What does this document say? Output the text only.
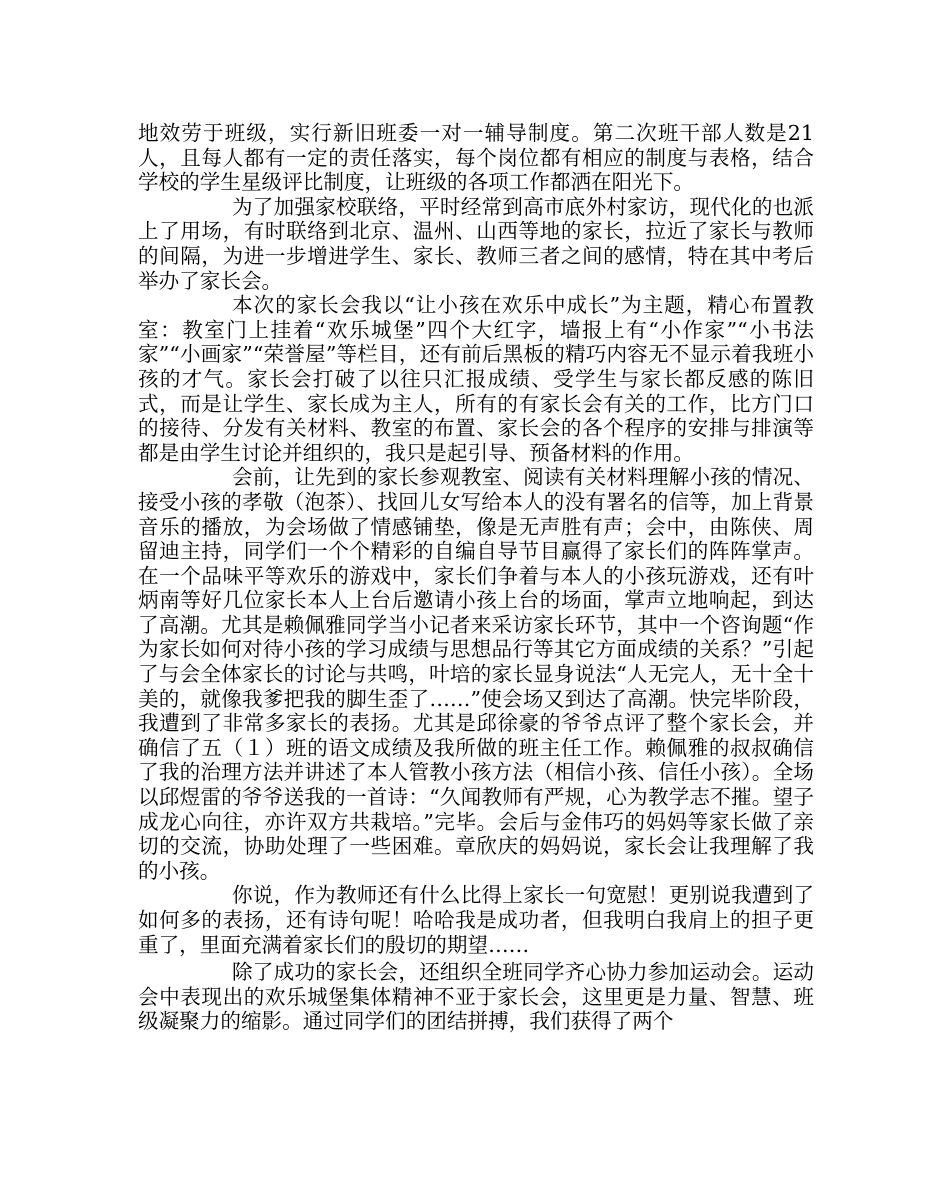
地效劳于班级，实行新旧班委一对一辅导制度。第二次班干部人数是21人，且每人都有一定的责任落实，每个岗位都有相应的制度与表格，结合学校的学生星级评比制度，让班级的各项工作都洒在阳光下。

为了加强家校联络，平时经常到高市底外村家访，现代化的也派上了用场，有时联络到北京、温州、山西等地的家长，拉近了家长与教师的间隔，为进一步增进学生、家长、教师三者之间的感情，特在其中考后举办了家长会。

本次的家长会我以“让小孩在欢乐中成长”为主题，精心布置教室：教室门上挂着“欢乐城堡”四个大红字，墙报上有“小作家”“小书法家”“小画家”“荣誉屋”等栏目，还有前后黑板的精巧内容无不显示着我班小孩的才气。家长会打破了以往只汇报成绩、受学生与家长都反感的陈旧式，而是让学生、家长成为主人，所有的有家长会有关的工作，比方门口的接待、分发有关材料、教室的布置、家长会的各个程序的安排与排演等都是由学生讨论并组织的，我只是起引导、预备材料的作用。

会前，让先到的家长参观教室、阅读有关材料理解小孩的情况、接受小孩的孝敬（泡茶）、找回儿女写给本人的没有署名的信等，加上背景音乐的播放，为会场做了情感铺垫，像是无声胜有声；会中，由陈侠、周留迪主持，同学们一个个精彩的自编自导节目赢得了家长们的阵阵掌声。在一个品味平等欢乐的游戏中，家长们争着与本人的小孩玩游戏，还有叶炳南等好几位家长本人上台后邀请小孩上台的场面，掌声立地响起，到达了高潮。尤其是赖佩雅同学当小记者来采访家长环节，其中一个咨询题“作为家长如何对待小孩的学习成绩与思想品行等其它方面成绩的关系？”引起了与会全体家长的讨论与共鸣，叶培的家长显身说法“人无完人，无十全十美的，就像我爹把我的脚生歪了……”使会场又到达了高潮。快完毕阶段，我遭到了非常多家长的表扬。尤其是邱徐豪的爷爷点评了整个家长会，并确信了五（１）班的语文成绩及我所做的班主任工作。赖佩雅的叔叔确信了我的治理方法并讲述了本人管教小孩方法（相信小孩、信任小孩）。全场以邱煜雷的爷爷送我的一首诗：“久闻教师有严规，心为教学志不摧。望子成龙心向往，亦许双方共栽培。”完毕。会后与金伟巧的妈妈等家长做了亲切的交流，协助处理了一些困难。章欣庆的妈妈说，家长会让我理解了我的小孩。

你说，作为教师还有什么比得上家长一句宽慰！更别说我遭到了如何多的表扬，还有诗句呢！哈哈我是成功者，但我明白我肩上的担子更重了，里面充满着家长们的殷切的期望……

除了成功的家长会，还组织全班同学齐心协力参加运动会。运动会中表现出的欢乐城堡集体精神不亚于家长会，这里更是力量、智慧、班级凝聚力的缩影。通过同学们的团结拼搏，我们获得了两个
